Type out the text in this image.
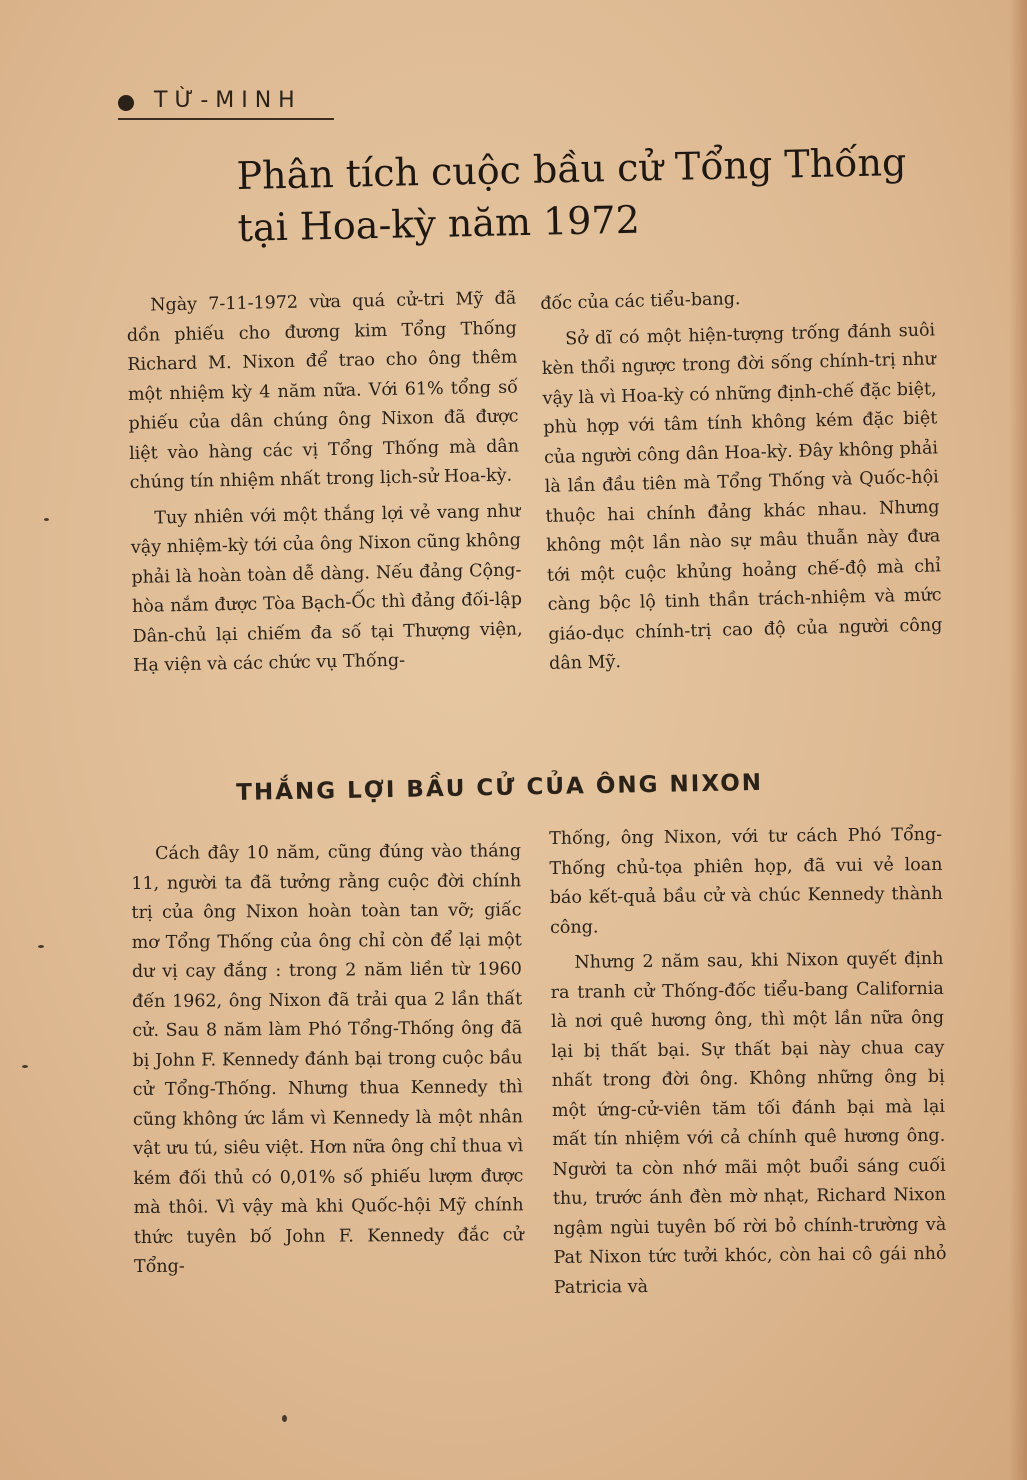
TỪ-MINH
Phân tích cuộc bầu cử Tổng Thống tại Hoa-kỳ năm 1972

Ngày 7-11-1972 vừa quá cử-tri Mỹ đã dồn phiếu cho đương kim Tổng Thống Richard M. Nixon để trao cho ông thêm một nhiệm kỳ 4 năm nữa. Với 61% tổng số phiếu của dân chúng ông Nixon đã được liệt vào hàng các vị Tổng Thống mà dân chúng tín nhiệm nhất trong lịch-sử Hoa-kỳ.

Tuy nhiên với một thắng lợi vẻ vang như vậy nhiệm-kỳ tới của ông Nixon cũng không phải là hoàn toàn dễ dàng. Nếu đảng Cộng-hòa nắm được Tòa Bạch-Ốc thì đảng đối-lập Dân-chủ lại chiếm đa số tại Thượng viện, Hạ viện và các chức vụ Thống-

đốc của các tiểu-bang.

Sở dĩ có một hiện-tượng trống đánh suôi kèn thổi ngược trong đời sống chính-trị như vậy là vì Hoa-kỳ có những định-chế đặc biệt, phù hợp với tâm tính không kém đặc biệt của người công dân Hoa-kỳ. Đây không phải là lần đầu tiên mà Tổng Thống và Quốc-hội thuộc hai chính đảng khác nhau. Nhưng không một lần nào sự mâu thuẫn này đưa tới một cuộc khủng hoảng chế-độ mà chỉ càng bộc lộ tinh thần trách-nhiệm và mức giáo-dục chính-trị cao độ của người công dân Mỹ.

THẮNG LỢI BẦU CỬ CỦA ÔNG NIXON

Cách đây 10 năm, cũng đúng vào tháng 11, người ta đã tưởng rằng cuộc đời chính trị của ông Nixon hoàn toàn tan vỡ; giấc mơ Tổng Thống của ông chỉ còn để lại một dư vị cay đắng : trong 2 năm liền từ 1960 đến 1962, ông Nixon đã trải qua 2 lần thất cử. Sau 8 năm làm Phó Tổng-Thống ông đã bị John F. Kennedy đánh bại trong cuộc bầu cử Tổng-Thống. Nhưng thua Kennedy thì cũng không ức lắm vì Kennedy là một nhân vật ưu tú, siêu việt. Hơn nữa ông chỉ thua vì kém đối thủ có 0,01% số phiếu lượm được mà thôi. Vì vậy mà khi Quốc-hội Mỹ chính thức tuyên bố John F. Kennedy đắc cử Tổng-

Thống, ông Nixon, với tư cách Phó Tổng-Thống chủ-tọa phiên họp, đã vui vẻ loan báo kết-quả bầu cử và chúc Kennedy thành công.

Nhưng 2 năm sau, khi Nixon quyết định ra tranh cử Thống-đốc tiểu-bang California là nơi quê hương ông, thì một lần nữa ông lại bị thất bại. Sự thất bại này chua cay nhất trong đời ông. Không những ông bị một ứng-cử-viên tăm tối đánh bại mà lại mất tín nhiệm với cả chính quê hương ông. Người ta còn nhớ mãi một buổi sáng cuối thu, trước ánh đèn mờ nhạt, Richard Nixon ngậm ngùi tuyên bố rời bỏ chính-trường và Pat Nixon tức tưởi khóc, còn hai cô gái nhỏ Patricia và
